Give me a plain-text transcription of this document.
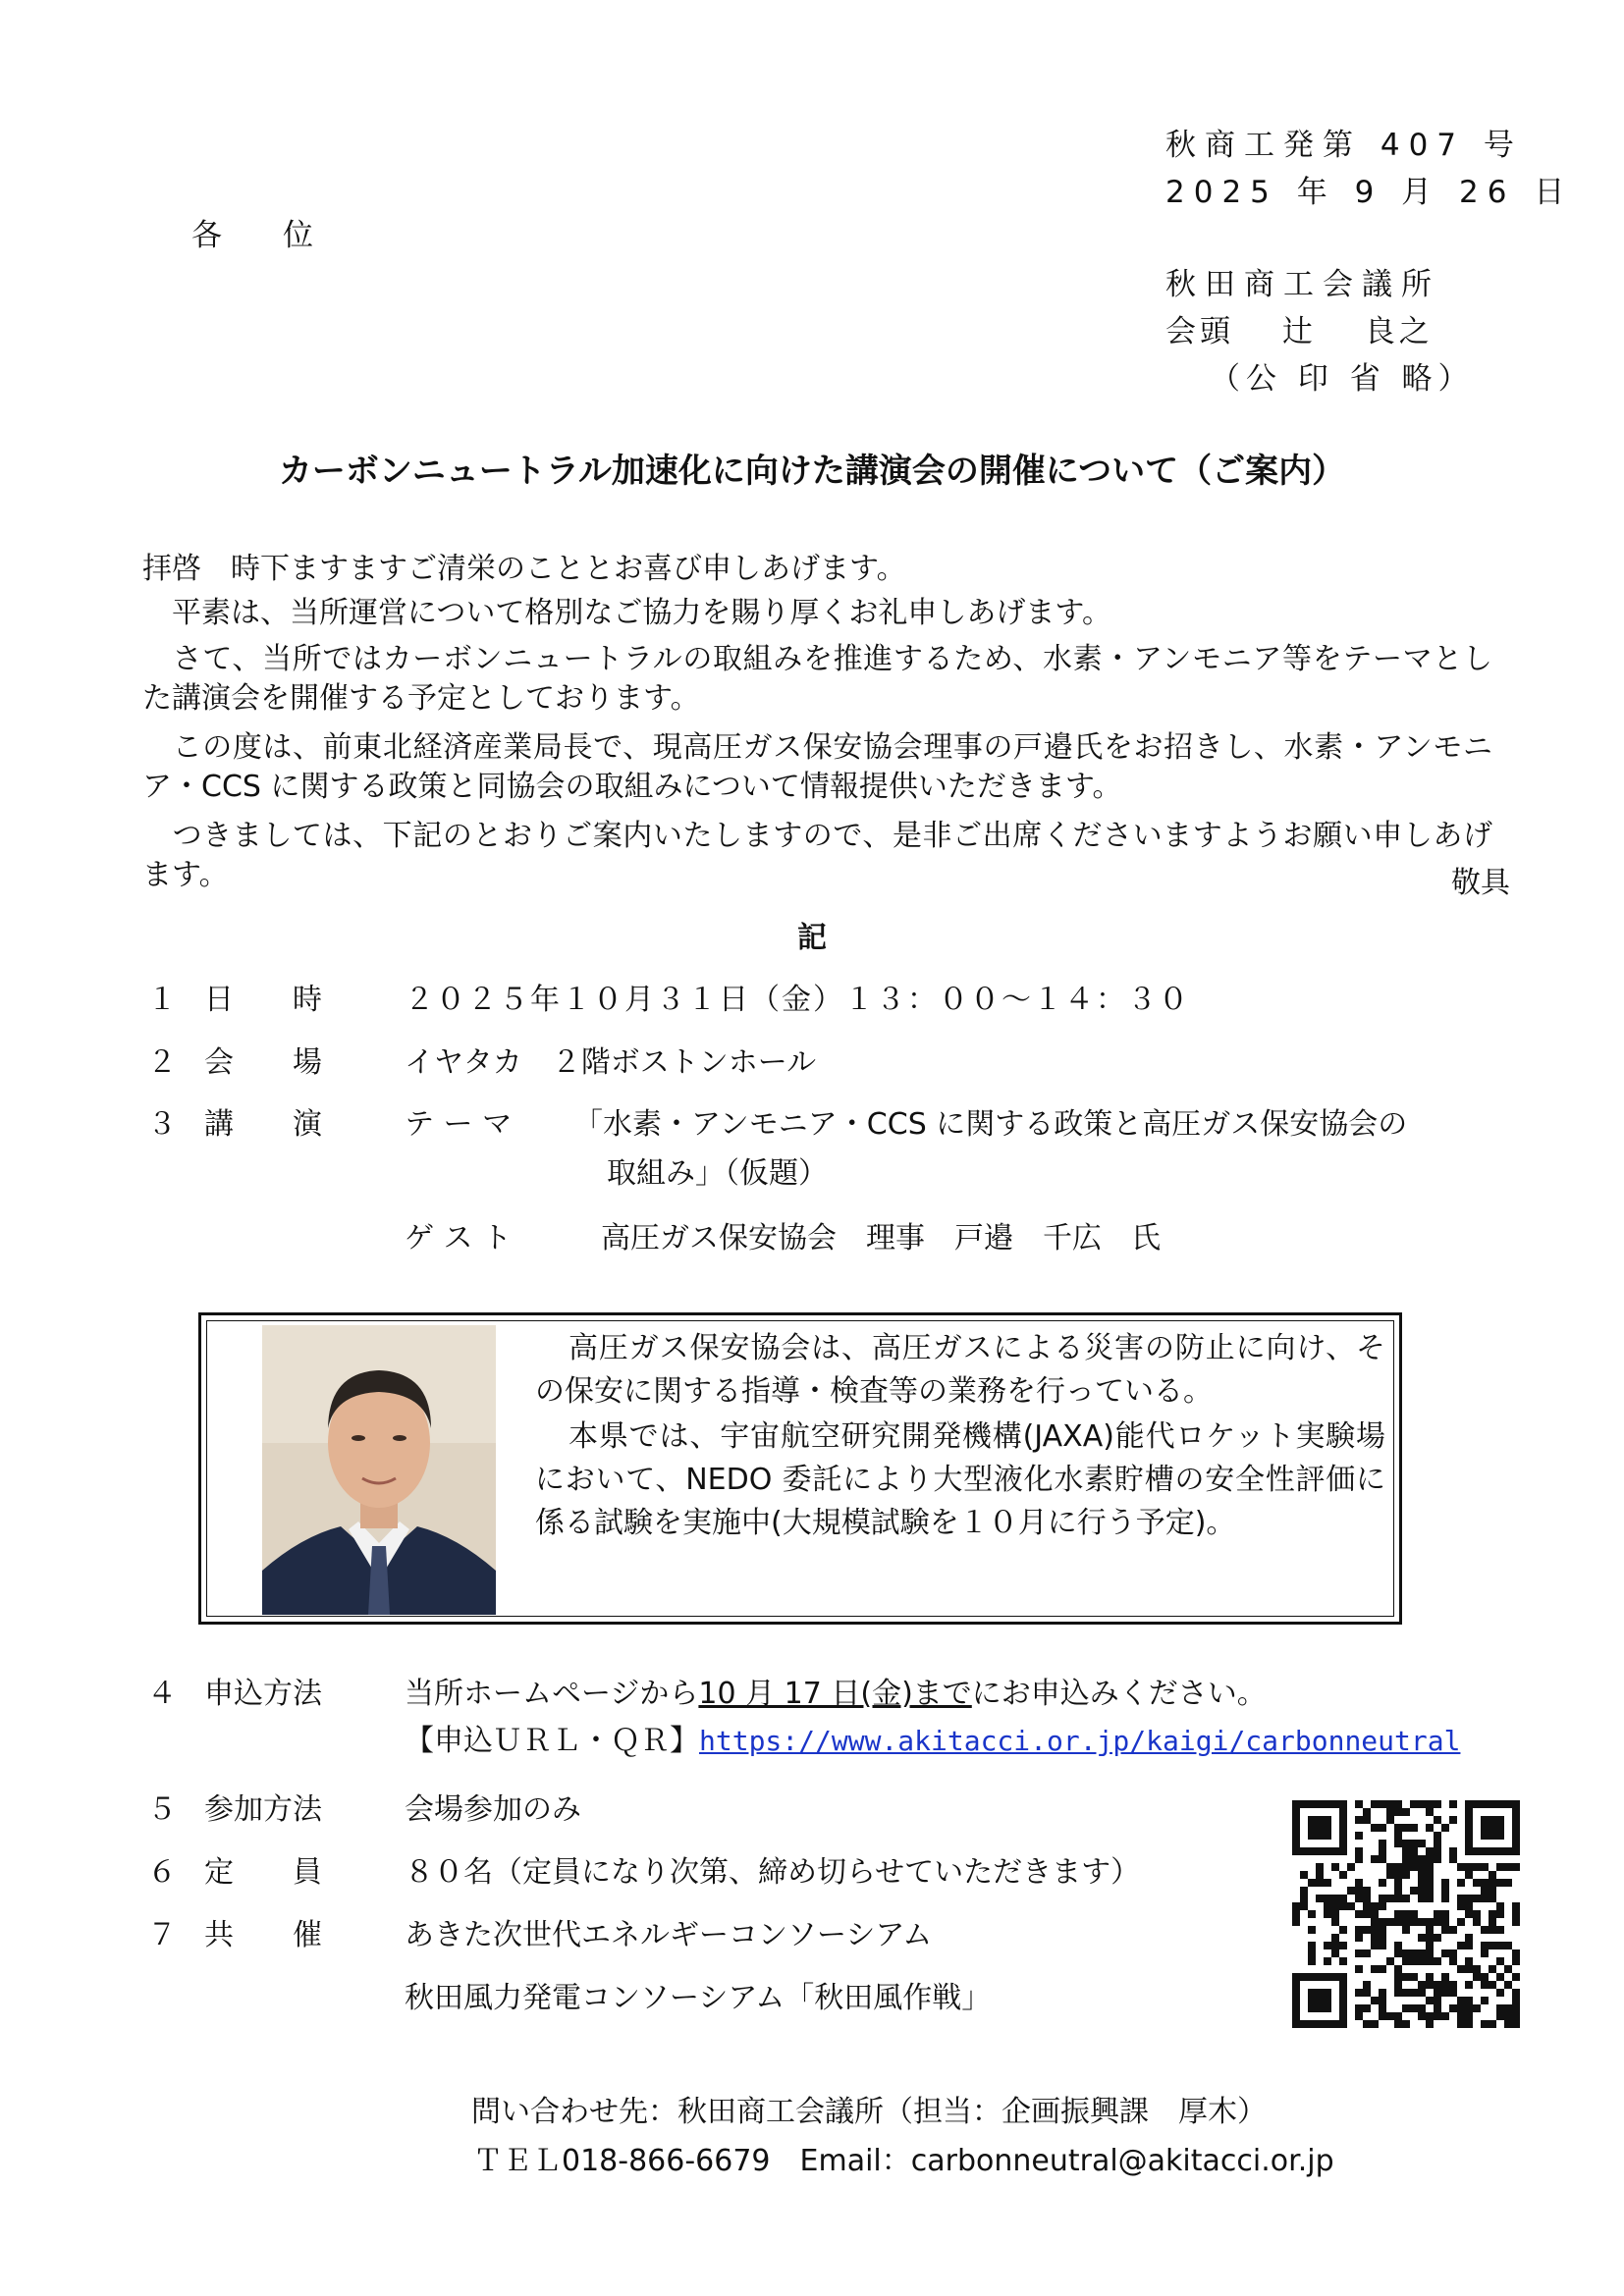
秋商工発第 407 号
2025 年 9 月 26 日
各　　位
秋田商工会議所
会頭　 辻　 良之
（公 印 省 略）
カーボンニュートラル加速化に向けた講演会の開催について（ご案内）
拝啓　時下ますますご清栄のこととお喜び申しあげます。
　平素は、当所運営について格別なご協力を賜り厚くお礼申しあげます。
　さて、当所ではカーボンニュートラルの取組みを推進するため、水素・アンモニア等をテーマとした講演会を開催する予定としております。
　この度は、前東北経済産業局長で、現高圧ガス保安協会理事の戸邉氏をお招きし、水素・アンモニア・CCS に関する政策と同協会の取組みについて情報提供いただきます。
　つきましては、下記のとおりご案内いたしますので、是非ご出席くださいますようお願い申しあげます。	敬具
記
１ 日　　時	２０２５年１０月３１日（金）１３：００～１４：３０
２ 会　　場	イヤタカ　２階ボストンホール
３ 講　　演	テ ー マ 「水素・アンモニア・CCS に関する政策と高圧ガス保安協会の
取組み」（仮題）
ゲ ス ト	高圧ガス保安協会　理事　戸邉　千広　氏

高圧ガス保安協会は、高圧ガスによる災害の防止に向け、その保安に関する指導・検査等の業務を行っている。

本県では、宇宙航空研究開発機構(JAXA)能代ロケット実験場において、NEDO 委託により大型液化水素貯槽の安全性評価に係る試験を実施中(大規模試験を１０月に行う予定)。

４ 申込方法	当所ホームページから10 月 17 日(金)までにお申込みください。
【申込ＵＲＬ・ＱＲ】https://www.akitacci.or.jp/kaigi/carbonneutral
５ 参加方法	会場参加のみ
６ 定　　員	８０名（定員になり次第、締め切らせていただきます）
７ 共　　催	あきた次世代エネルギーコンソーシアム
秋田風力発電コンソーシアム「秋田風作戦」
問い合わせ先：秋田商工会議所（担当：企画振興課　厚木）
ＴＥＬ018-866-6679　Email：carbonneutral@akitacci.or.jp
